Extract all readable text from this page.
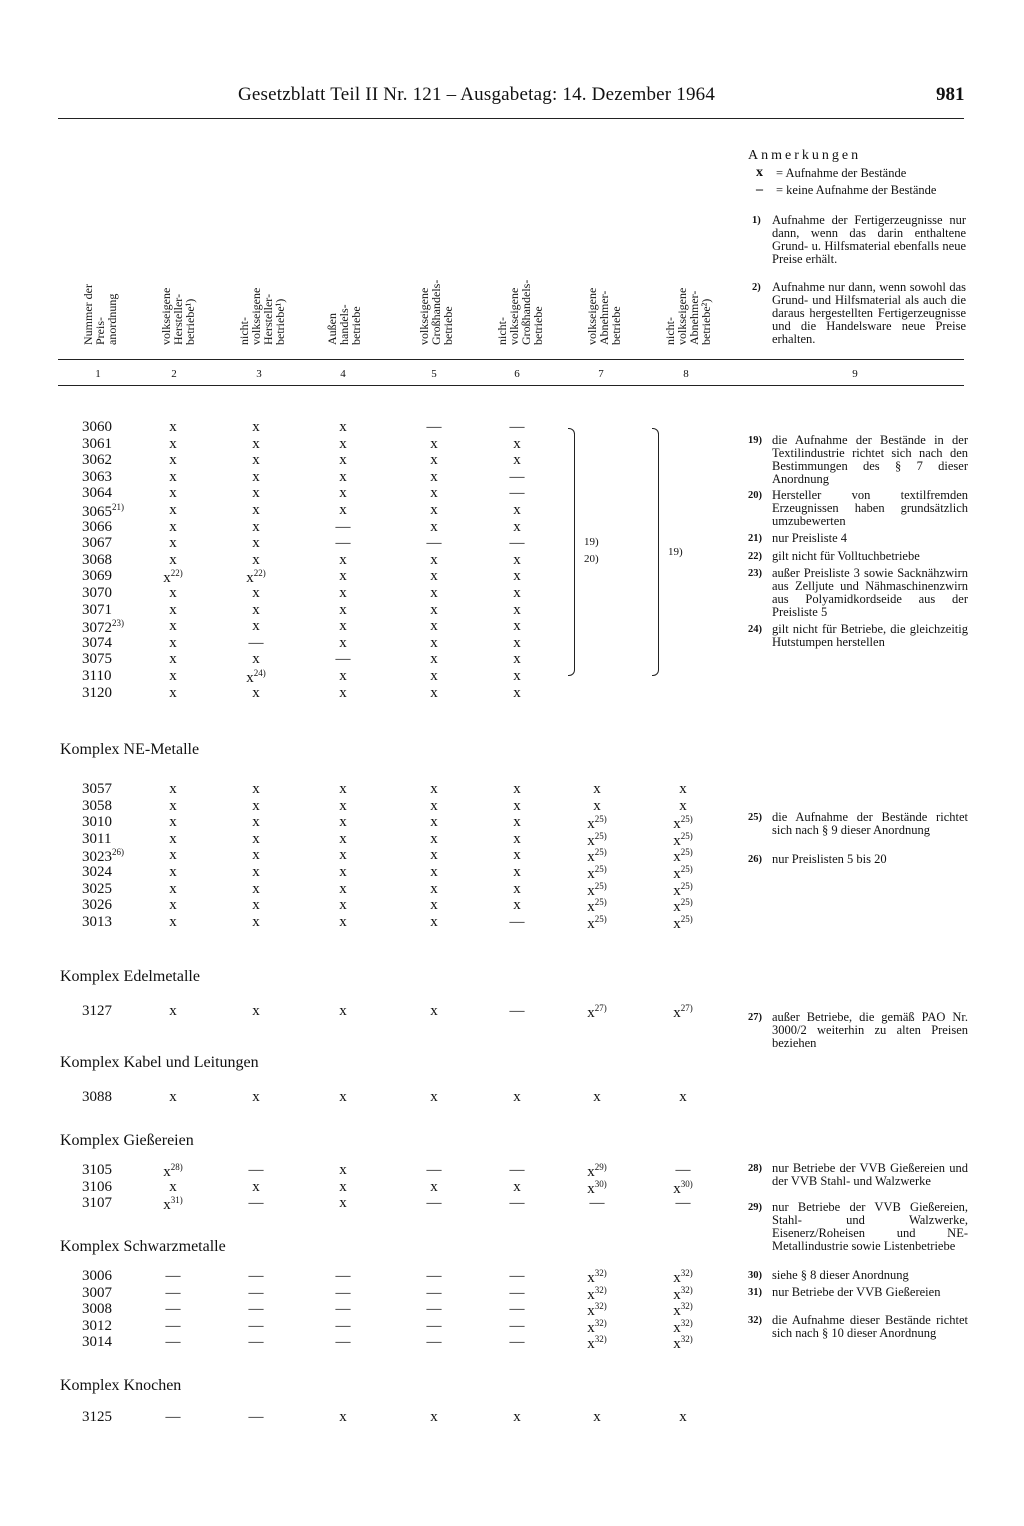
Gesetzblatt Teil II Nr. 121 – Ausgabetag: 14. Dezember 1964	981
Anmerkungen
x = Aufnahme der Bestände
– = keine Aufnahme der Bestände
1) Aufnahme der Fertigerzeugnisse nur dann, wenn das darin enthaltene Grund- u. Hilfsmaterial ebenfalls neue Preise erhält.
2) Aufnahme nur dann, wenn sowohl das Grund- und Hilfsmaterial als auch die daraus hergestellten Fertigerzeugnisse und die Handelsware neue Preise erhalten.
Nummer der
Preis-
anordnung	volkseigene
Hersteller-
betriebe¹)	nicht-
volkseigene
Hersteller-
betriebe¹)	Außen
handels-
betriebe	volkseigene
Großhandels-
betriebe	nicht-
volkseigene
Großhandels-
betriebe	volkseigene
Abnehmer-
betriebe	nicht-
volkseigene
Abnehmer-
betriebe²)
1	2	3	4	5	6	7	8	9
3060	x	x	x	—	—
3061	x	x	x	x	x
3062	x	x	x	x	x
3063	x	x	x	x	—
3064	x	x	x	x	—
3065$^{21)}$	x	x	x	x	x
3066	x	x	—	x	x
3067	x	x	—	—	—
3068	x	x	x	x	x
3069	$x^{22)}$	$x^{22)}$	x	x	x
3070	x	x	x	x	x
3071	x	x	x	x	x
3072$^{23)}$	x	x	x	x	x
3074	x	—	x	x	x
3075	x	x	—	x	x
3110	x	$x^{24)}$	x	x	x
3120	x	x	x	x	x
19) die Aufnahme der Bestände in der Textilindustrie richtet sich nach den Bestimmungen des § 7 dieser Anordnung
20) Hersteller von textilfremden Erzeugnissen haben grundsätzlich umzubewerten
21) nur Preisliste 4
22) gilt nicht für Volltuchbetriebe
23) außer Preisliste 3 sowie Sacknähzwirn aus Zelljute und Nähmaschinenzwirn aus Polyamidkordseide aus der Preisliste 5
24) gilt nicht für Betriebe, die gleichzeitig Hutstumpen herstellen
Komplex NE-Metalle
3057	x	x	x	x	x	x	x
3058	x	x	x	x	x	x	x
3010	x	x	x	x	x	$x^{25)}$	$x^{25)}$
3011	x	x	x	x	x	$x^{25)}$	$x^{25)}$
3023$^{26)}$	x	x	x	x	x	$x^{25)}$	$x^{25)}$
3024	x	x	x	x	x	$x^{25)}$	$x^{25)}$
3025	x	x	x	x	x	$x^{25)}$	$x^{25)}$
3026	x	x	x	x	x	$x^{25)}$	$x^{25)}$
3013	x	x	x	x	—	$x^{25)}$	$x^{25)}$
25) die Aufnahme der Bestände richtet sich nach § 9 dieser Anordnung
26) nur Preislisten 5 bis 20
Komplex Edelmetalle
3127	x	x	x	x	—	$x^{27)}$	$x^{27)}$
27) außer Betriebe, die gemäß PAO Nr. 3000/2 weiterhin zu alten Preisen beziehen
Komplex Kabel und Leitungen
3088	x	x	x	x	x	x	x
Komplex Gießereien
3105	$x^{28)}$	—	x	—	—	$x^{29)}$	—
3106	x	x	x	x	x	$x^{30)}$	$x^{30)}$
3107	$x^{31)}$	—	x	—	—	—	—
28) nur Betriebe der VVB Gießereien und der VVB Stahl- und Walzwerke
29) nur Betriebe der VVB Gießereien, Stahl- und Walzwerke, Eisenerz/Roheisen und NE-Metallindustrie sowie Listenbetriebe
30) siehe § 8 dieser Anordnung
31) nur Betriebe der VVB Gießereien
Komplex Schwarzmetalle
3006	—	—	—	—	—	$x^{32)}$	$x^{32)}$
3007	—	—	—	—	—	$x^{32)}$	$x^{32)}$
3008	—	—	—	—	—	$x^{32)}$	$x^{32)}$
3012	—	—	—	—	—	$x^{32)}$	$x^{32)}$
3014	—	—	—	—	—	$x^{32)}$	$x^{32)}$
32) die Aufnahme dieser Bestände richtet sich nach § 10 dieser Anordnung
Komplex Knochen
3125	—	—	x	x	x	x	x
19)
20)
19)
